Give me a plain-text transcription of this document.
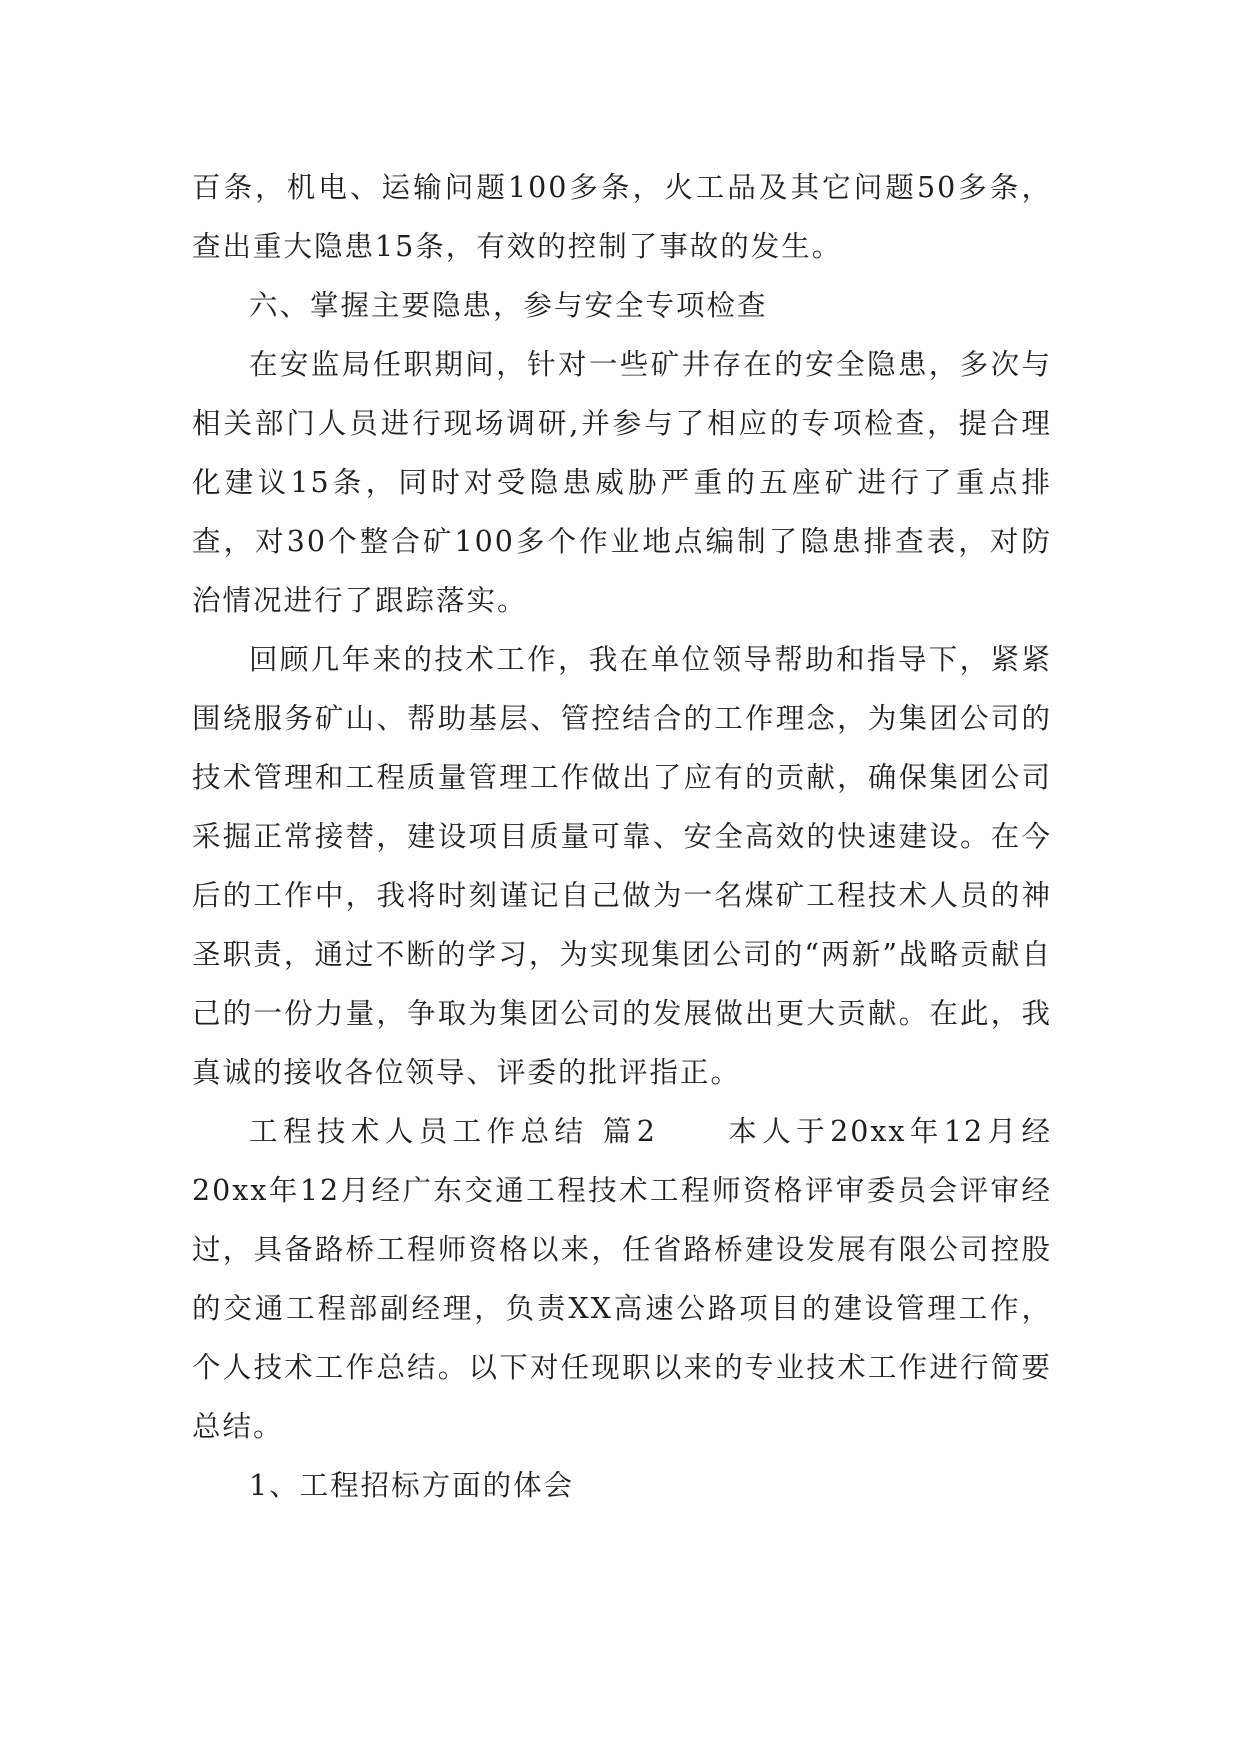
百条，机电、运输问题100多条，火工品及其它问题50多条，查出重大隐患15条，有效的控制了事故的发生。

六、掌握主要隐患，参与安全专项检查

在安监局任职期间，针对一些矿井存在的安全隐患，多次与相关部门人员进行现场调研,并参与了相应的专项检查，提合理化建议15条，同时对受隐患威胁严重的五座矿进行了重点排查，对30个整合矿100多个作业地点编制了隐患排查表，对防治情况进行了跟踪落实。

回顾几年来的技术工作，我在单位领导帮助和指导下，紧紧围绕服务矿山、帮助基层、管控结合的工作理念，为集团公司的技术管理和工程质量管理工作做出了应有的贡献，确保集团公司采掘正常接替，建设项目质量可靠、安全高效的快速建设。在今后的工作中，我将时刻谨记自己做为一名煤矿工程技术人员的神圣职责，通过不断的学习，为实现集团公司的“两新”战略贡献自己的一份力量，争取为集团公司的发展做出更大贡献。在此，我真诚的接收各位领导、评委的批评指正。

工程技术人员工作总结 篇2　　本人于20xx年12月经20xx年12月经广东交通工程技术工程师资格评审委员会评审经过，具备路桥工程师资格以来，任省路桥建设发展有限公司控股的交通工程部副经理，负责XX高速公路项目的建设管理工作，个人技术工作总结。以下对任现职以来的专业技术工作进行简要总结。

1、工程招标方面的体会
